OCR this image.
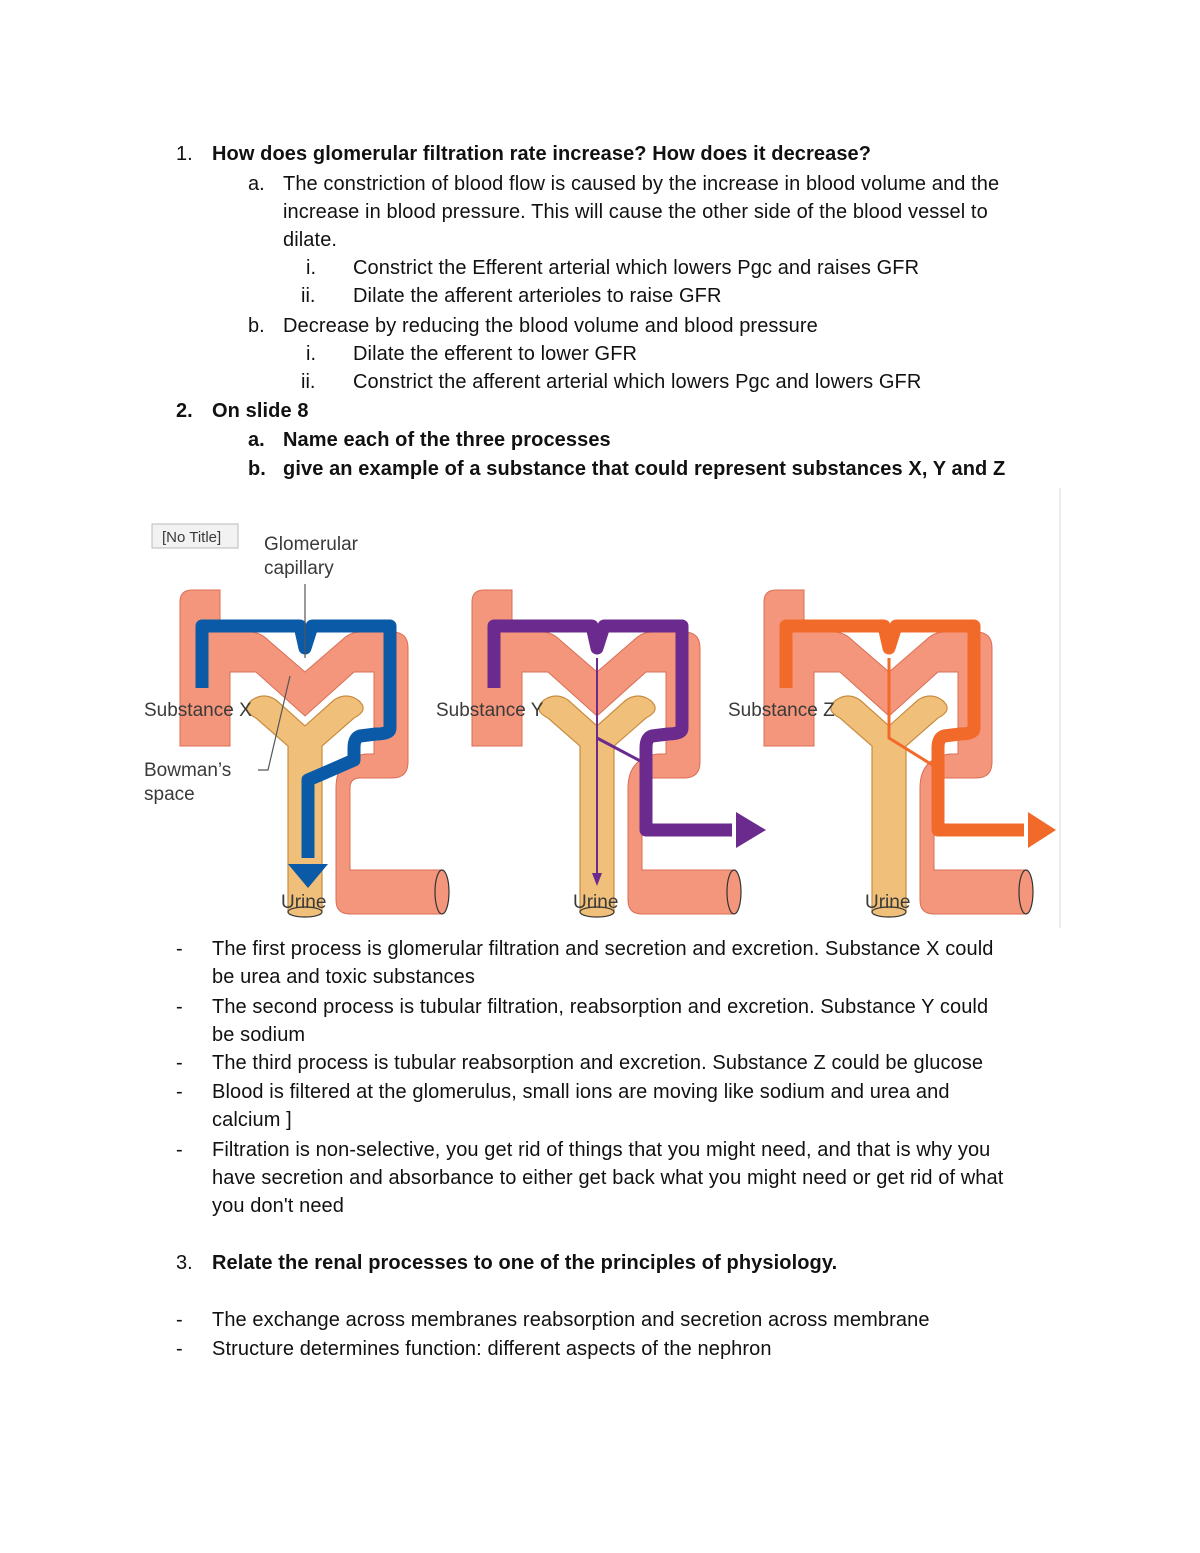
1. How does glomerular filtration rate increase? How does it decrease?
a. The constriction of blood flow is caused by the increase in blood volume and the
increase in blood pressure. This will cause the other side of the blood vessel to
dilate.
i. Constrict the Efferent arterial which lowers Pgc and raises GFR
ii. Dilate the afferent arterioles to raise GFR
b. Decrease by reducing the blood volume and blood pressure
i. Dilate the efferent to lower GFR
ii. Constrict the afferent arterial which lowers Pgc and lowers GFR
2. On slide 8
a. Name each of the three processes
b. give an example of a substance that could represent substances X, Y and Z
[No Title] Glomerular
capillary
Substance X
Bowman’s
space
Urine
Substance Y
Urine
Substance Z
Urine
- The first process is glomerular filtration and secretion and excretion. Substance X could
be urea and toxic substances
- The second process is tubular filtration, reabsorption and excretion. Substance Y could
be sodium
- The third process is tubular reabsorption and excretion. Substance Z could be glucose
- Blood is filtered at the glomerulus, small ions are moving like sodium and urea and
calcium ]
- Filtration is non-selective, you get rid of things that you might need, and that is why you
have secretion and absorbance to either get back what you might need or get rid of what
you don't need
3. Relate the renal processes to one of the principles of physiology.
- The exchange across membranes reabsorption and secretion across membrane
- Structure determines function: different aspects of the nephron
